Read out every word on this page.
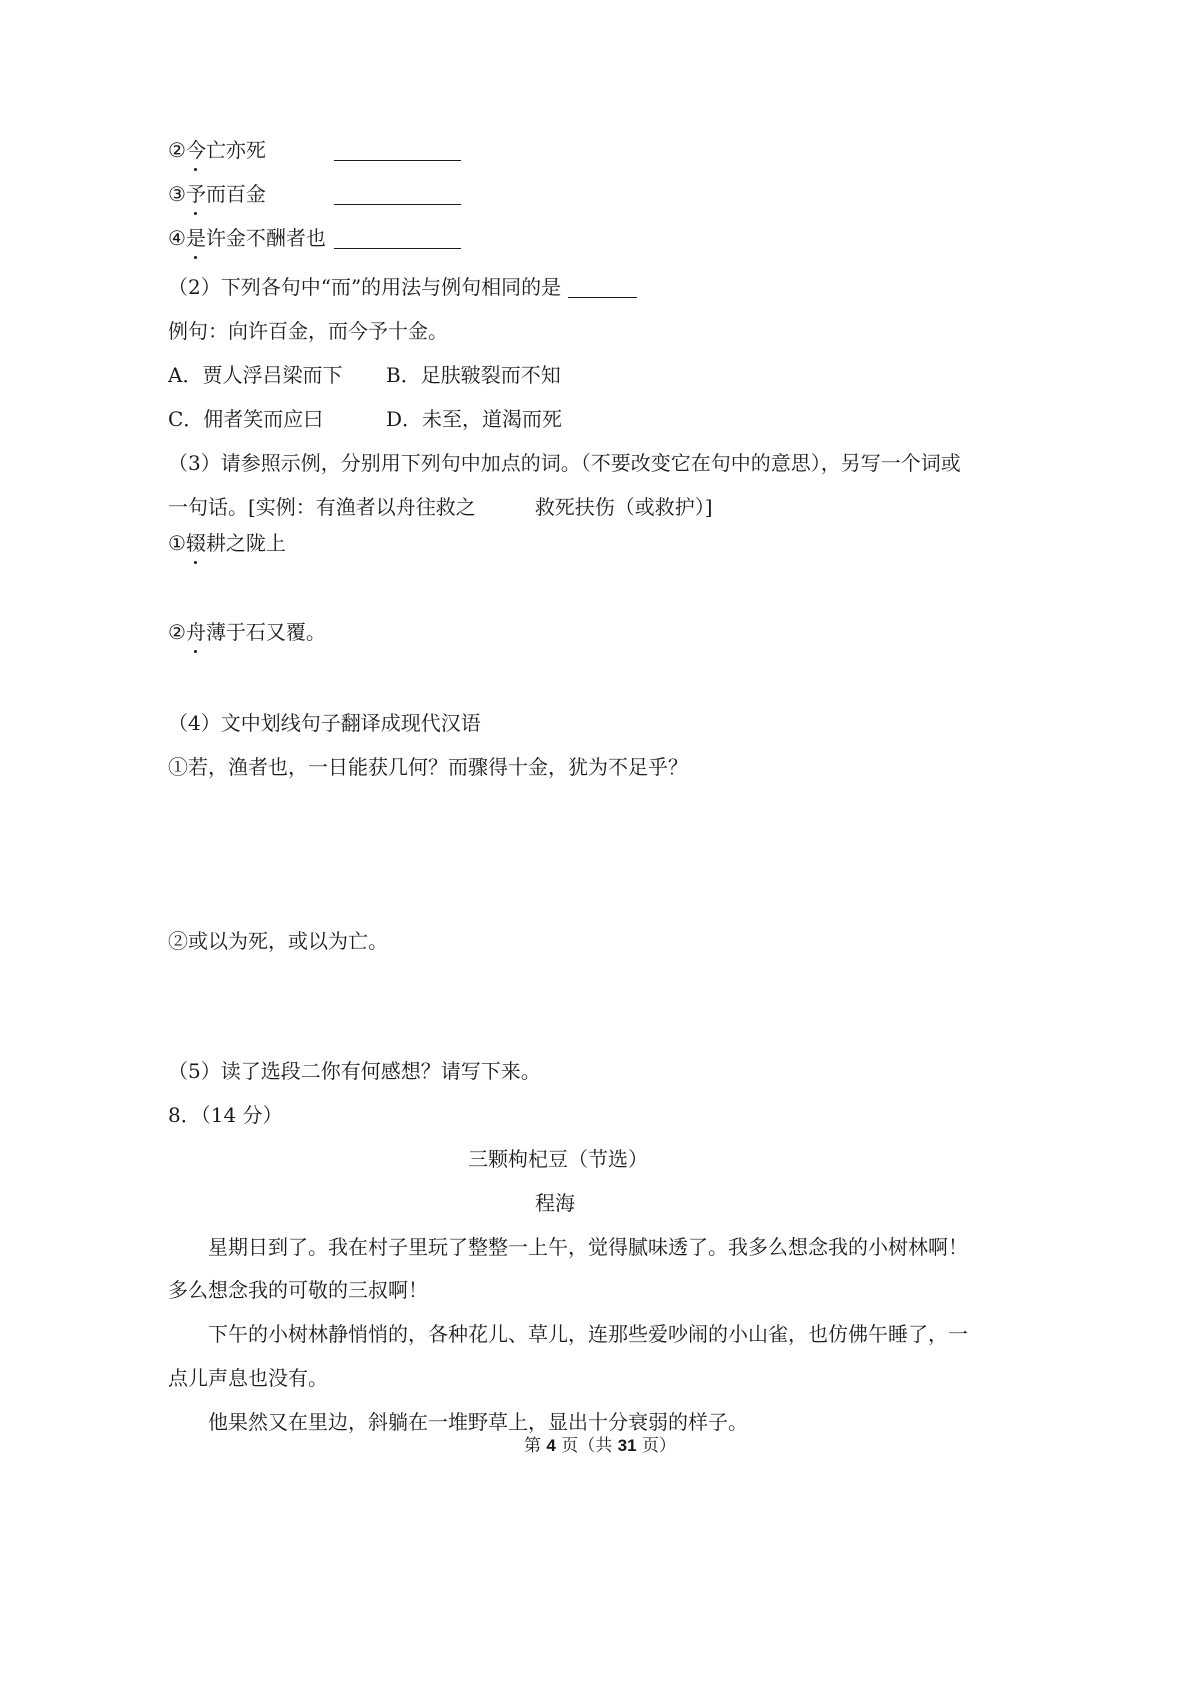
②今亡亦死
③予而百金
④是许金不酬者也
（2）下列各句中“而”的用法与例句相同的是
例句：向许百金，而今予十金。
A．贾人浮吕梁而下 B．足肤皲裂而不知
C．佣者笑而应曰	D．未至，道渴而死
（3）请参照示例，分别用下列句中加点的词。（不要改变它在句中的意思），另写一个词或
一句话。[实例：有渔者以舟往救之	救死扶伤（或救护）]
①辍耕之陇上
②舟薄于石又覆。
（4）文中划线句子翻译成现代汉语
①若，渔者也，一日能获几何？而骤得十金，犹为不足乎？
②或以为死，或以为亡。
（5）读了选段二你有何感想？请写下来。
8．（14 分）
三颗枸杞豆（节选）
程海
星期日到了。我在村子里玩了整整一上午，觉得腻味透了。我多么想念我的小树林啊！
多么想念我的可敬的三叔啊！
下午的小树林静悄悄的，各种花儿、草儿，连那些爱吵闹的小山雀，也仿佛午睡了，一
点儿声息也没有。
他果然又在里边，斜躺在一堆野草上，显出十分衰弱的样子。
第 4 页（共 31 页）
